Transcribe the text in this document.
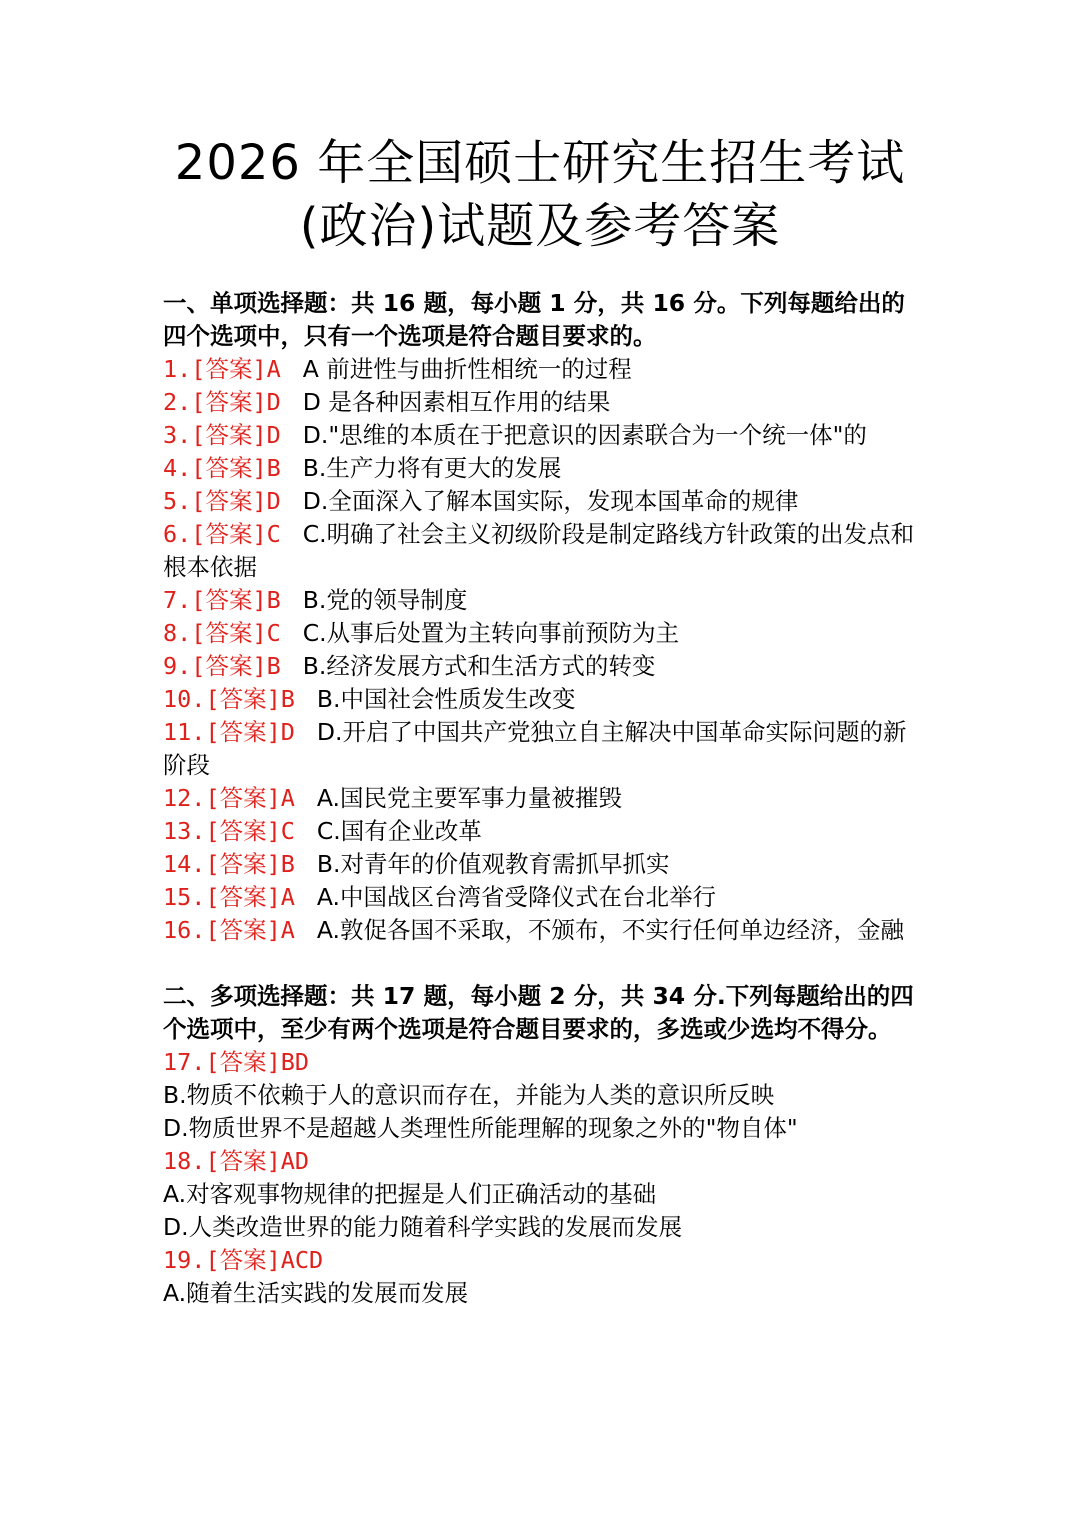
2026 年全国硕士研究生招生考试
(政治)试题及参考答案

一、单项选择题：共 16 题，每小题 1 分，共 16 分。下列每题给出的四个选项中，只有一个选项是符合题目要求的。

1.[答案]A A 前进性与曲折性相统一的过程

2.[答案]D D 是各种因素相互作用的结果

3.[答案]D D."思维的本质在于把意识的因素联合为一个统一体"的

4.[答案]B B.生产力将有更大的发展

5.[答案]D D.全面深入了解本国实际，发现本国革命的规律

6.[答案]C C.明确了社会主义初级阶段是制定路线方针政策的出发点和根本依据

7.[答案]B B.党的领导制度

8.[答案]C C.从事后处置为主转向事前预防为主

9.[答案]B B.经济发展方式和生活方式的转变

10.[答案]B B.中国社会性质发生改变

11.[答案]D D.开启了中国共产党独立自主解决中国革命实际问题的新阶段

12.[答案]A A.国民党主要军事力量被摧毁

13.[答案]C C.国有企业改革

14.[答案]B B.对青年的价值观教育需抓早抓实

15.[答案]A A.中国战区台湾省受降仪式在台北举行

16.[答案]A A.敦促各国不采取，不颁布，不实行任何单边经济，金融

二、多项选择题：共 17 题，每小题 2 分，共 34 分.下列每题给出的四个选项中，至少有两个选项是符合题目要求的，多选或少选均不得分。

17.[答案]BD

B.物质不依赖于人的意识而存在，并能为人类的意识所反映

D.物质世界不是超越人类理性所能理解的现象之外的"物自体"

18.[答案]AD

A.对客观事物规律的把握是人们正确活动的基础

D.人类改造世界的能力随着科学实践的发展而发展

19.[答案]ACD

A.随着生活实践的发展而发展
